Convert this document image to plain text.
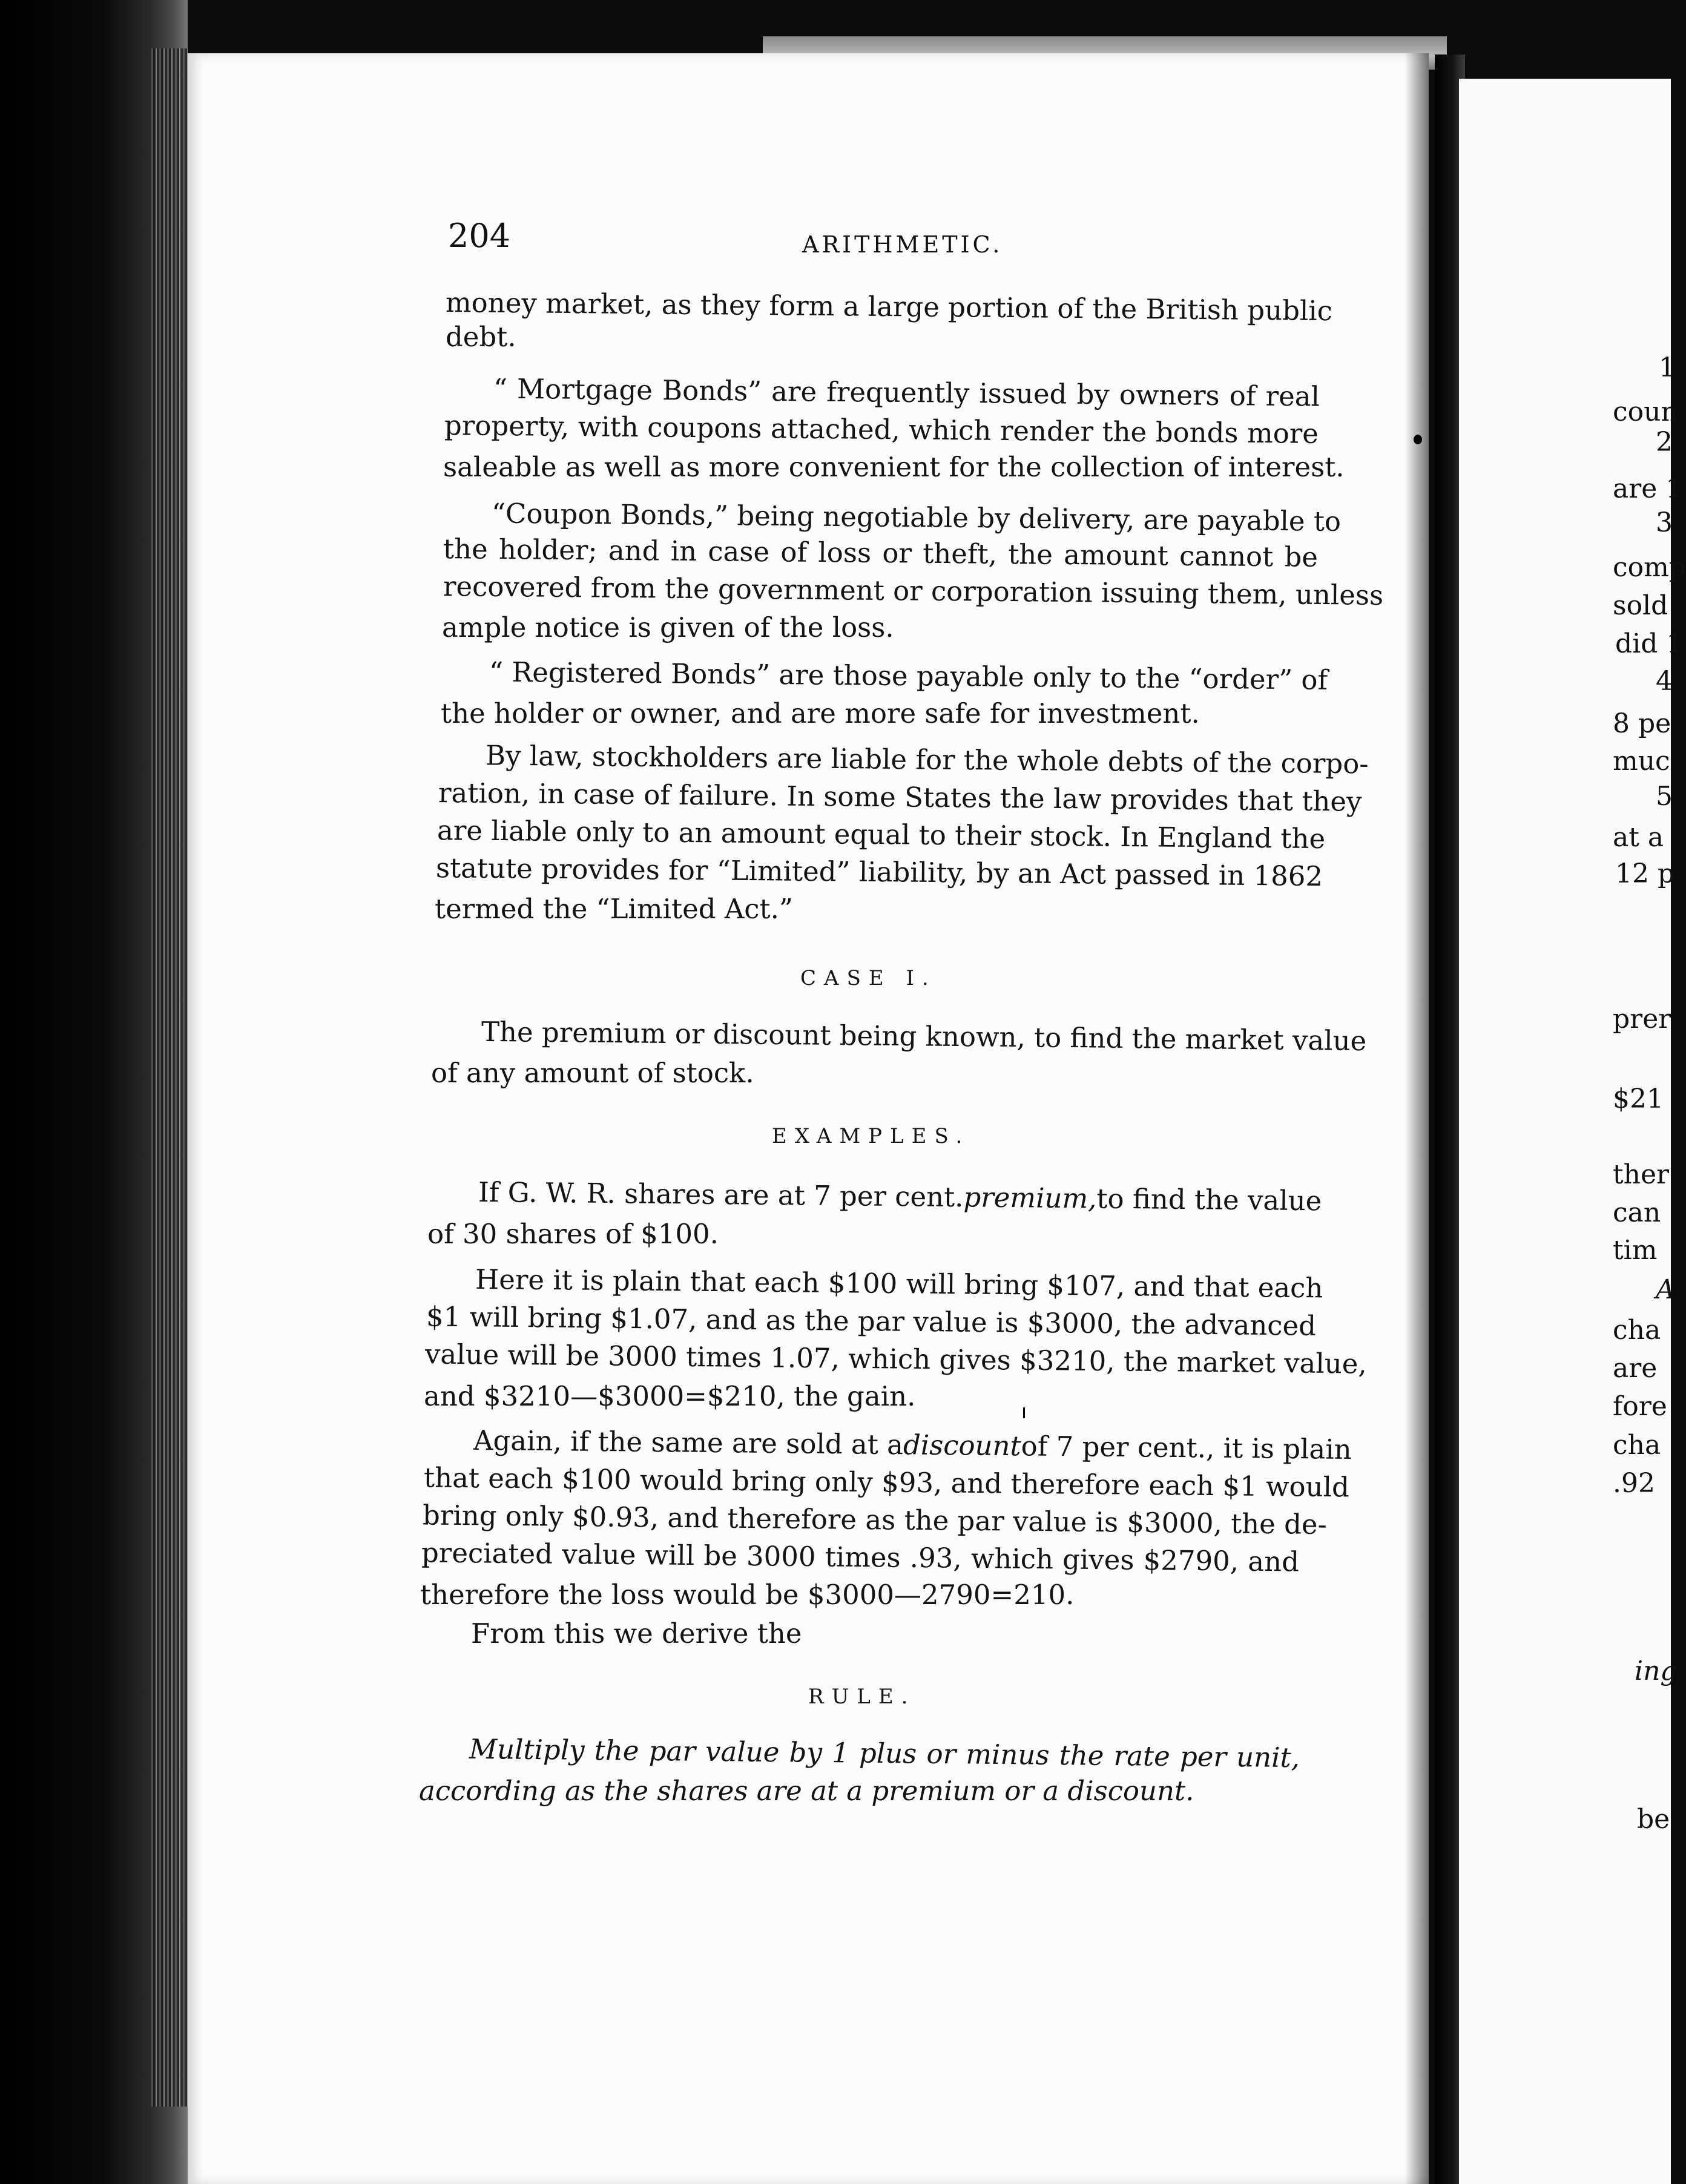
1
coun
2
are 1
3
comp
sold
did 1
4
8 pe
muc
5
at a
12 p
prer
$21
ther
can
tim
A
cha
are
fore
cha
.92
ing
be
204	ARITHMETIC.
money market, as they form a large portion of the British public
debt.
“ Mortgage Bonds” are frequently issued by owners of real
property, with coupons attached, which render the bonds more
saleable as well as more convenient for the collection of interest.
“Coupon Bonds,” being negotiable by delivery, are payable to
the holder; and in case of loss or theft, the amount cannot be
recovered from the government or corporation issuing them, unless
ample notice is given of the loss.
“ Registered Bonds” are those payable only to the “order” of
the holder or owner, and are more safe for investment.
By law, stockholders are liable for the whole debts of the corpo-
ration, in case of failure. In some States the law provides that they
are liable only to an amount equal to their stock. In England the
statute provides for “Limited” liability, by an Act passed in 1862
termed the “Limited Act.”
CASE I.
The premium or discount being known, to find the market value
of any amount of stock.
EXAMPLES.
If G. W. R. shares are at 7 per cent. premium, to find the value
of 30 shares of $100.
Here it is plain that each $100 will bring $107, and that each
$1 will bring $1.07, and as the par value is $3000, the advanced
value will be 3000 times 1.07, which gives $3210, the market value,
and $3210—$3000=$210, the gain.
Again, if the same are sold at a discount of 7 per cent., it is plain
that each $100 would bring only $93, and therefore each $1 would
bring only $0.93, and therefore as the par value is $3000, the de-
preciated value will be 3000 times .93, which gives $2790, and
therefore the loss would be $3000—2790=210.
From this we derive the
RULE.
Multiply the par value by 1 plus or minus the rate per unit,
according as the shares are at a premium or a discount.
